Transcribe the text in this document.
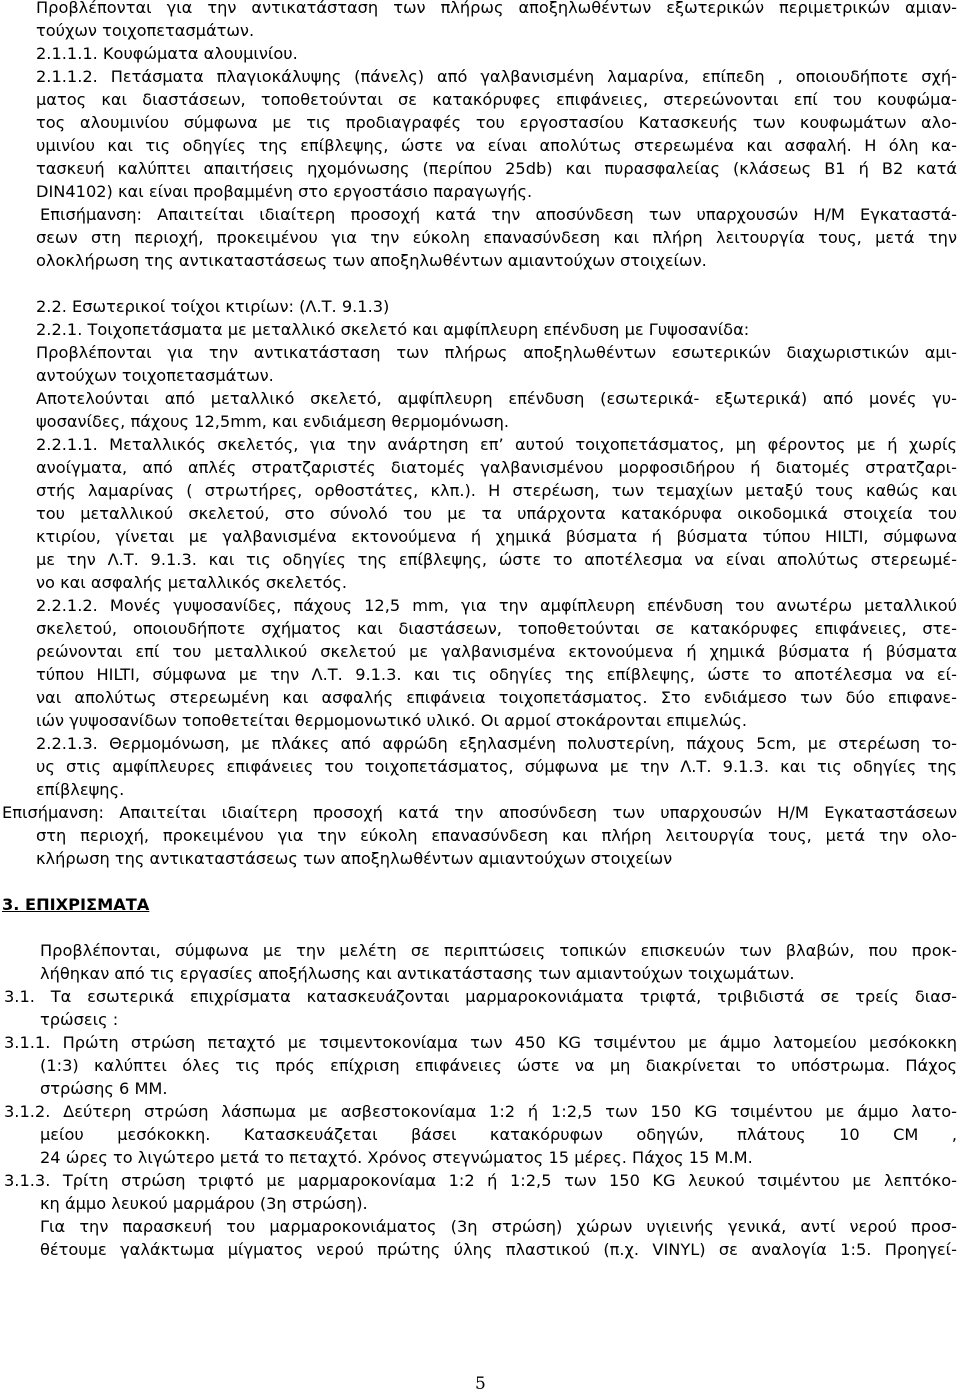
Προβλέπονται για την αντικατάσταση των πλήρως αποξηλωθέντων εξωτερικών περιμετρικών αμιαν-
τούχων τοιχοπετασμάτων.
2.1.1.1. Κουφώματα αλουμινίου.
2.1.1.2. Πετάσματα πλαγιοκάλυψης (πάνελς) από γαλβανισμένη λαμαρίνα, επίπεδη , οποιουδήποτε σχή-
ματος και διαστάσεων, τοποθετούνται σε κατακόρυφες επιφάνειες, στερεώνονται επί του κουφώμα-
τος αλουμινίου σύμφωνα με τις προδιαγραφές του εργοστασίου Κατασκευής των κουφωμάτων αλο-
υμινίου και τις οδηγίες της επίβλεψης, ώστε να είναι απολύτως στερεωμένα και ασφαλή. Η όλη κα-
τασκευή καλύπτει απαιτήσεις ηχομόνωσης (περίπου 25db) και πυρασφαλείας (κλάσεως Β1 ή Β2 κατά
DIN4102) και είναι προβαμμένη στο εργοστάσιο παραγωγής.
Επισήμανση: Απαιτείται ιδιαίτερη προσοχή κατά την αποσύνδεση των υπαρχουσών Η/Μ Εγκαταστά-
σεων στη περιοχή, προκειμένου για την εύκολη επανασύνδεση και πλήρη λειτουργία τους, μετά την
ολοκλήρωση της αντικαταστάσεως των αποξηλωθέντων αμιαντούχων στοιχείων.
2.2. Εσωτερικοί τοίχοι κτιρίων: (Λ.Τ. 9.1.3)
2.2.1. Τοιχοπετάσματα με μεταλλικό σκελετό και αμφίπλευρη επένδυση με Γυψοσανίδα:
Προβλέπονται για την αντικατάσταση των πλήρως αποξηλωθέντων εσωτερικών διαχωριστικών αμι-
αντούχων τοιχοπετασμάτων.
Αποτελούνται από μεταλλικό σκελετό, αμφίπλευρη επένδυση (εσωτερικά- εξωτερικά) από μονές γυ-
ψοσανίδες, πάχους 12,5mm, και ενδιάμεση θερμομόνωση.
2.2.1.1. Μεταλλικός σκελετός, για την ανάρτηση επ’ αυτού τοιχοπετάσματος, μη φέροντος με ή χωρίς
ανοίγματα, από απλές στρατζαριστές διατομές γαλβανισμένου μορφοσιδήρου ή διατομές στρατζαρι-
στής λαμαρίνας ( στρωτήρες, ορθοστάτες, κλπ.). Η στερέωση, των τεμαχίων μεταξύ τους καθώς και
του μεταλλικού σκελετού, στο σύνολό του με τα υπάρχοντα κατακόρυφα οικοδομικά στοιχεία του
κτιρίου, γίνεται με γαλβανισμένα εκτονούμενα ή χημικά βύσματα ή βύσματα τύπου HILTI, σύμφωνα
με την Λ.Τ. 9.1.3. και τις οδηγίες της επίβλεψης, ώστε το αποτέλεσμα να είναι απολύτως στερεωμέ-
νο και ασφαλής μεταλλικός σκελετός.
2.2.1.2. Μονές γυψοσανίδες, πάχους 12,5 mm, για την αμφίπλευρη επένδυση του ανωτέρω μεταλλικού
σκελετού, οποιουδήποτε σχήματος και διαστάσεων, τοποθετούνται σε κατακόρυφες επιφάνειες, στε-
ρεώνονται επί του μεταλλικού σκελετού με γαλβανισμένα εκτονούμενα ή χημικά βύσματα ή βύσματα
τύπου HILTI, σύμφωνα με την Λ.Τ. 9.1.3. και τις οδηγίες της επίβλεψης, ώστε το αποτέλεσμα να εί-
ναι απολύτως στερεωμένη και ασφαλής επιφάνεια τοιχοπετάσματος. Στο ενδιάμεσο των δύο επιφανε-
ιών γυψοσανίδων τοποθετείται θερμομονωτικό υλικό. Οι αρμοί στοκάρονται επιμελώς.
2.2.1.3. Θερμομόνωση, με πλάκες από αφρώδη εξηλασμένη πολυστερίνη, πάχους 5cm, με στερέωση το-
υς στις αμφίπλευρες επιφάνειες του τοιχοπετάσματος, σύμφωνα με την Λ.Τ. 9.1.3. και τις οδηγίες της
επίβλεψης.
Επισήμανση: Απαιτείται ιδιαίτερη προσοχή κατά την αποσύνδεση των υπαρχουσών Η/Μ Εγκαταστάσεων
στη περιοχή, προκειμένου για την εύκολη επανασύνδεση και πλήρη λειτουργία τους, μετά την ολο-
κλήρωση της αντικαταστάσεως των αποξηλωθέντων αμιαντούχων στοιχείων
3. ΕΠΙΧΡΙΣΜΑΤΑ
Προβλέπονται, σύμφωνα με την μελέτη σε περιπτώσεις τοπικών επισκευών των βλαβών, που προκ-
λήθηκαν από τις εργασίες αποξήλωσης και αντικατάστασης των αμιαντούχων τοιχωμάτων.
3.1. Τα εσωτερικά επιχρίσματα κατασκευάζονται μαρμαροκονιάματα τριφτά, τριβιδιστά σε τρείς διασ-
τρώσεις :
3.1.1. Πρώτη στρώση πεταχτό με τσιμεντοκονίαμα των 450 KG τσιμέντου με άμμο λατομείου μεσόκοκκη
(1:3) καλύπτει όλες τις πρός επίχριση επιφάνειες ώστε να μη διακρίνεται το υπόστρωμα. Πάχος
στρώσης 6 ΜΜ.
3.1.2. Δεύτερη στρώση λάσπωμα με ασβεστοκονίαμα 1:2 ή 1:2,5 των 150 KG τσιμέντου με άμμο λατο-
μείου μεσόκοκκη. Κατασκευάζεται βάσει κατακόρυφων οδηγών, πλάτους 10 CM ,
24 ώρες το λιγώτερο μετά το πεταχτό. Χρόνος στεγνώματος 15 μέρες. Πάχος 15 Μ.Μ.
3.1.3. Τρίτη στρώση τριφτό με μαρμαροκονίαμα 1:2 ή 1:2,5 των 150 KG λευκού τσιμέντου με λεπτόκο-
κη άμμο λευκού μαρμάρου (3η στρώση).
Για την παρασκευή του μαρμαροκονιάματος (3η στρώση) χώρων υγιεινής γενικά, αντί νερού προσ-
θέτουμε γαλάκτωμα μίγματος νερού πρώτης ύλης πλαστικού (π.χ. VINYL) σε αναλογία 1:5. Προηγεί-
5
